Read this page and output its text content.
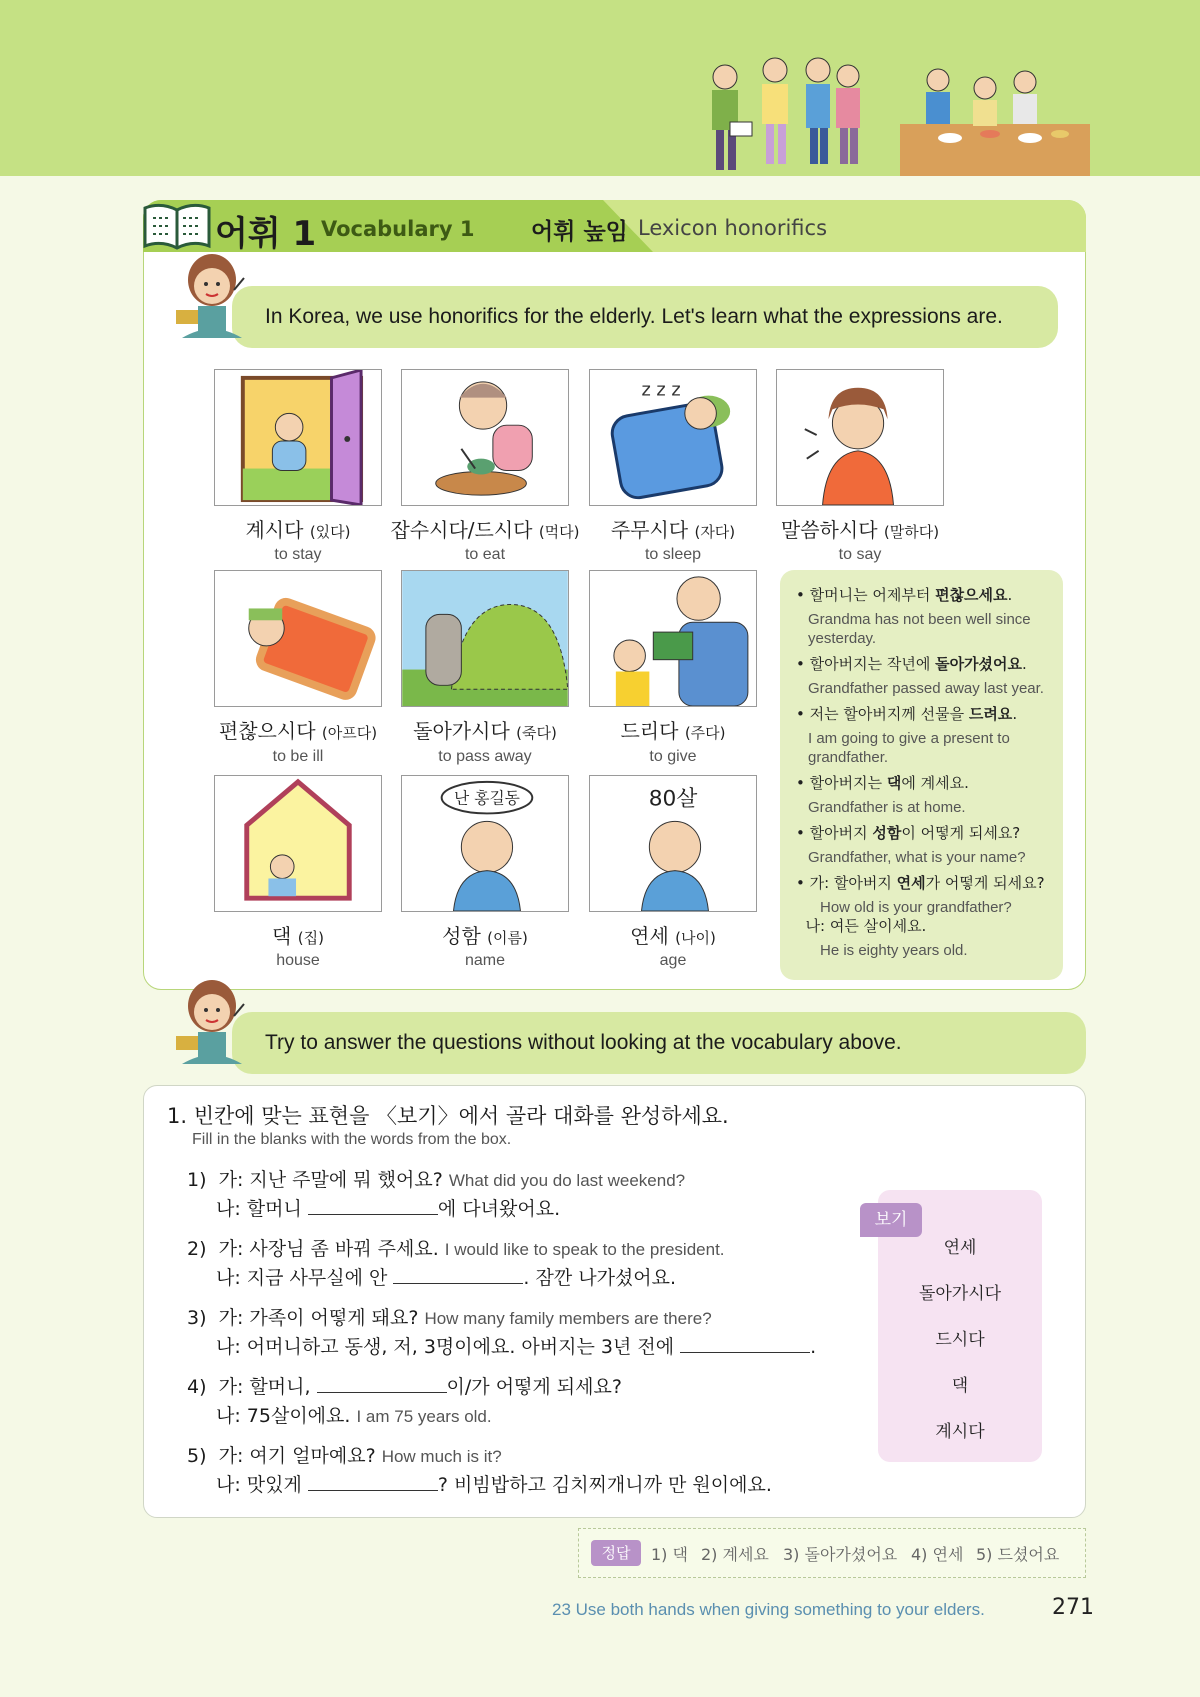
어휘 1 Vocabulary 1 어휘 높임 Lexicon honorifics
In Korea, we use honorifics for the elderly. Let's learn what the expressions are.
z z z
계시다 (있다)
to stay
잡수시다/드시다 (먹다)
to eat
주무시다 (자다)
to sleep
말씀하시다 (말하다)
to say
• 할머니는 어제부터 편찮으세요.
Grandma has not been well since yesterday.
• 할아버지는 작년에 돌아가셨어요.
Grandfather passed away last year.
• 저는 할아버지께 선물을 드려요.
I am going to give a present to grandfather.
• 할아버지는 댁에 계세요.
Grandfather is at home.
• 할아버지 성함이 어떻게 되세요?
Grandfather, what is your name?
• 가: 할아버지 연세가 어떻게 되세요?
How old is your grandfather?
나: 여든 살이세요.
He is eighty years old.
편찮으시다 (아프다)
to be ill
돌아가시다 (죽다)
to pass away
드리다 (주다)
to give
난 홍길동	80살
댁 (집)
house
성함 (이름)
name
연세 (나이)
age
Try to answer the questions without looking at the vocabulary above.
1. 빈칸에 맞는 표현을 〈보기〉에서 골라 대화를 완성하세요.
Fill in the blanks with the words from the box.
1) 가: 지난 주말에 뭐 했어요? What did you do last weekend?
나: 할머니	에 다녀왔어요.
2) 가: 사장님 좀 바꿔 주세요. I would like to speak to the president.
나: 지금 사무실에 안	. 잠깐 나가셨어요.
3) 가: 가족이 어떻게 돼요? How many family members are there?
나: 어머니하고 동생, 저, 3명이에요. 아버지는 3년 전에	.
4) 가: 할머니,	이/가 어떻게 되세요?
나: 75살이에요. I am 75 years old.
5) 가: 여기 얼마예요? How much is it?
나: 맛있게	? 비빔밥하고 김치찌개니까 만 원이에요.
보기
연세
돌아가시다
드시다
댁
계시다
정답	1) 댁 2) 계세요 3) 돌아가셨어요 4) 연세 5) 드셨어요
23 Use both hands when giving something to your elders.	271
